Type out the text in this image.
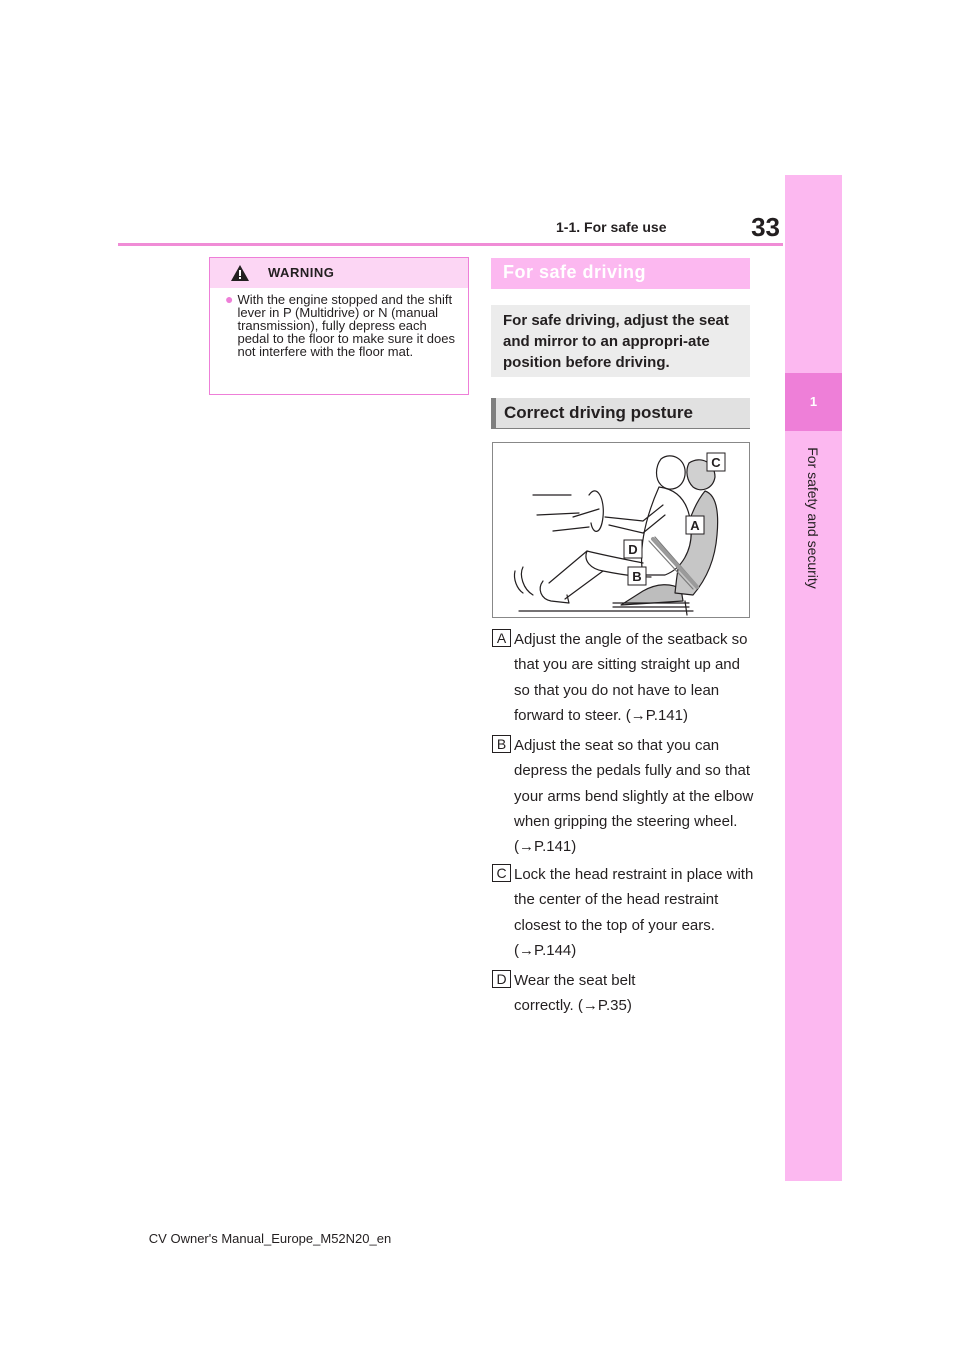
1-1. For safe use	33
1
For safety and security
WARNING
● With the engine stopped and the shift lever in P (Multidrive) or N (manual transmission), fully depress each pedal to the floor to make sure it does not interfere with the floor mat.
For safe driving

For safe driving, adjust the seat and mirror to an appropri-ate position before driving.

Correct driving posture
C
A
D
B
A Adjust the angle of the seatback so that you are sitting straight up and so that you do not have to lean forward to steer. (→P.141)
B Adjust the seat so that you can depress the pedals fully and so that your arms bend slightly at the elbow when gripping the steering wheel. (→P.141)
C Lock the head restraint in place with the center of the head restraint closest to the top of your ears. (→P.144)
D Wear the seat belt correctly. (→P.35)
CV Owner's Manual_Europe_M52N20_en
